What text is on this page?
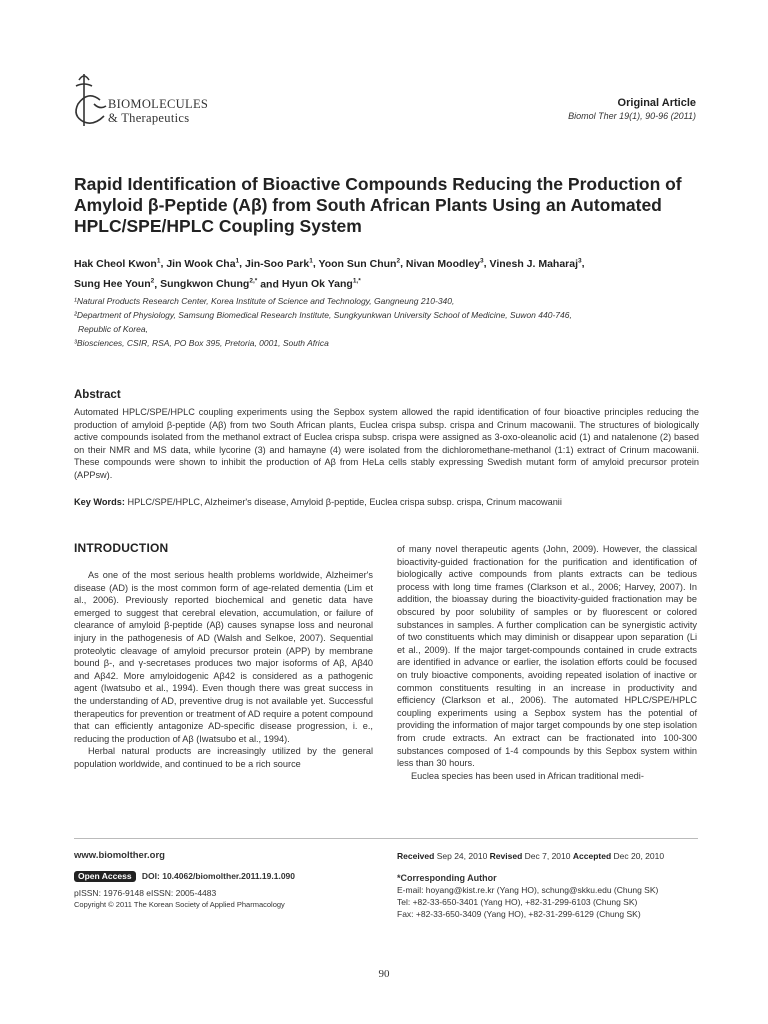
BIOMOLECULES
& Therapeutics
Original Article
Biomol Ther 19(1), 90-96 (2011)
Rapid Identification of Bioactive Compounds Reducing the Production of Amyloid β-Peptide (Aβ) from South African Plants Using an Automated HPLC/SPE/HPLC Coupling System
Hak Cheol Kwon$^1$, Jin Wook Cha$^1$, Jin-Soo Park$^1$, Yoon Sun Chun$^2$, Nivan Moodley$^3$, Vinesh J. Maharaj$^3$,
Sung Hee Youn$^2$, Sungkwon Chung$^{2,*}$ and Hyun Ok Yang$^{1,*}$
¹Natural Products Research Center, Korea Institute of Science and Technology, Gangneung 210-340,
²Department of Physiology, Samsung Biomedical Research Institute, Sungkyunkwan University School of Medicine, Suwon 440-746,
Republic of Korea,
³Biosciences, CSIR, RSA, PO Box 395, Pretoria, 0001, South Africa
Abstract
Automated HPLC/SPE/HPLC coupling experiments using the Sepbox system allowed the rapid identification of four bioactive principles reducing the production of amyloid β-peptide (Aβ) from two South African plants, Euclea crispa subsp. crispa and Crinum macowanii. The structures of biologically active compounds isolated from the methanol extract of Euclea crispa subsp. crispa were assigned as 3-oxo-oleanolic acid (1) and natalenone (2) based on their NMR and MS data, while lycorine (3) and hamayne (4) were isolated from the dichloromethane-methanol (1:1) extract of Crinum macowanii. These compounds were shown to inhibit the production of Aβ from HeLa cells stably expressing Swedish mutant form of amyloid precursor protein (APPsw).
Key Words: HPLC/SPE/HPLC, Alzheimer's disease, Amyloid β-peptide, Euclea crispa subsp. crispa, Crinum macowanii
INTRODUCTION

As one of the most serious health problems worldwide, Alzheimer's disease (AD) is the most common form of age-related dementia (Lim et al., 2006). Previously reported biochemical and genetic data have emerged to suggest that cerebral elevation, accumulation, or failure of clearance of amyloid β-peptide (Aβ) causes synapse loss and neuronal injury in the pathogenesis of AD (Walsh and Selkoe, 2007). Sequential proteolytic cleavage of amyloid precursor protein (APP) by membrane bound β-, and γ-secretases produces two major isoforms of Aβ, Aβ40 and Aβ42. More amyloidogenic Aβ42 is considered as a pathogenic agent (Iwatsubo et al., 1994). Even though there was great success in the understanding of AD, preventive drug is not available yet. Successful therapeutics for prevention or treatment of AD require a potent compound that can efficiently antagonize AD-specific disease progression, i. e., reducing the production of Aβ (Iwatsubo et al., 1994).

Herbal natural products are increasingly utilized by the general population worldwide, and continued to be a rich source

of many novel therapeutic agents (John, 2009). However, the classical bioactivity-guided fractionation for the purification and identification of biologically active compounds from plants extracts can be tedious process with long time frames (Clarkson et al., 2006; Harvey, 2007). In addition, the bioassay during the bioactivity-guided fractionation may be obscured by poor solubility of samples or by fluorescent or colored substances in samples. A further complication can be synergistic activity of two constituents which may diminish or disappear upon separation (Li et al., 2009). If the major target-compounds contained in crude extracts are identified in advance or earlier, the isolation efforts could be focused on truly bioactive components, avoiding repeated isolation of inactive or common constituents resulting in an increase in productivity and efficiency (Clarkson et al., 2006). The automated HPLC/SPE/HPLC coupling experiments using a Sepbox system has the potential of providing the information of major target compounds by one step isolation from crude extracts. An extract can be fractionated into 100-300 substances composed of 1-4 compounds by this Sepbox system within less than 30 hours.

Euclea species has been used in African traditional medi-

www.biomolther.org
Open Access DOI: 10.4062/biomolther.2011.19.1.090
pISSN: 1976-9148 eISSN: 2005-4483
Copyright © 2011 The Korean Society of Applied Pharmacology
Received Sep 24, 2010 Revised Dec 7, 2010 Accepted Dec 20, 2010
*Corresponding Author
E-mail: hoyang@kist.re.kr (Yang HO), schung@skku.edu (Chung SK)
Tel: +82-33-650-3401 (Yang HO), +82-31-299-6103 (Chung SK)
Fax: +82-33-650-3409 (Yang HO), +82-31-299-6129 (Chung SK)
90
